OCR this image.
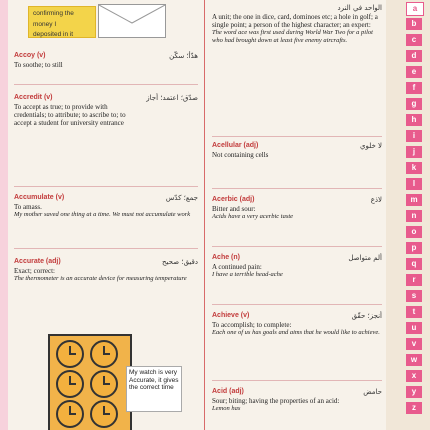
confirming the
money I
deposited in it
Accoy (v)	هدّأ؛ سكّن
To soothe; to still
Accredit (v)	صدّق؛ اعتمد؛ أجاز
To accept as true; to provide with credentials; to attribute; to ascribe to; to accept a student for university entrance
Accumulate (v)	جمع؛ كدّس
To amass.
My mother saved one thing at a time. We must not accumulate work
Accurate (adj)	دقيق؛ صحيح
Exact; correct:
The thermometer is an accurate device for measuring temperature
My watch is very Accurate, it gives the correct time
الواحد في النرد
A unit; the one in dice, card, dominoes etc; a hole in golf; a single point; a person of the highest character; an expert:
The word ace was first used during World War Two for a pilot who had brought down at least five enemy aircrafts.
Acellular (adj)	لا خلوي
Not containing cells
Acerbic (adj)	لاذع
Bitter and sour:
Acids have a very acerbic taste
Ache (n)	ألم متواصل
A continued pain:
I have a terrible head-ache
Achieve (v)	أنجز؛ حقّق
To accomplish; to complete:
Each one of us has goals and aims that he would like to achieve.
Acid (adj)	حامض
Sour; biting; having the properties of an acid:
Lemon has
a
b
c
d
e
f
g
h
i
j
k
l
m
n
o
p
q
r
s
t
u
v
w
x
y
z
